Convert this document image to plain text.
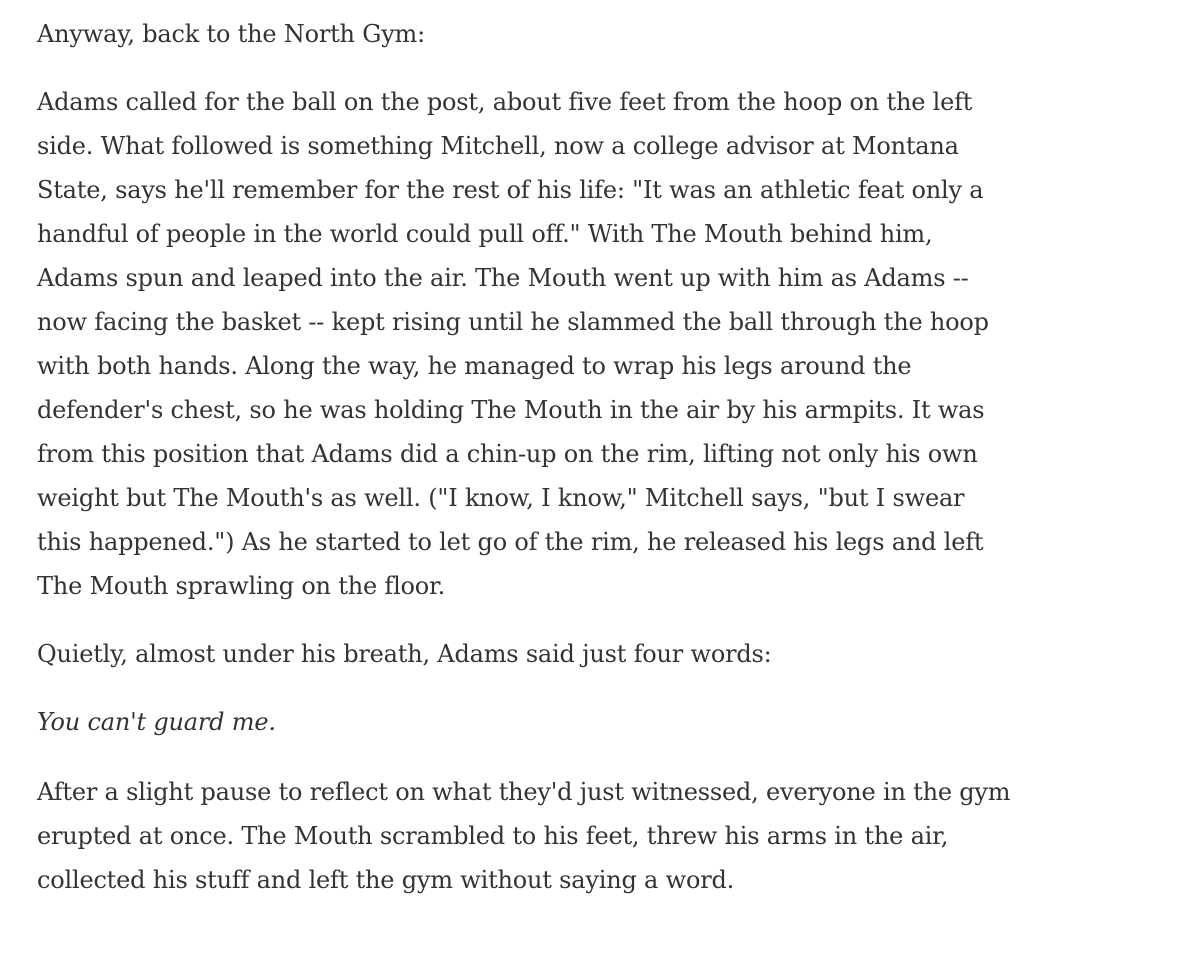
Anyway, back to the North Gym:

Adams called for the ball on the post, about five feet from the hoop on the left
side. What followed is something Mitchell, now a college advisor at Montana
State, says he'll remember for the rest of his life: "It was an athletic feat only a
handful of people in the world could pull off." With The Mouth behind him,
Adams spun and leaped into the air. The Mouth went up with him as Adams --
now facing the basket -- kept rising until he slammed the ball through the hoop
with both hands. Along the way, he managed to wrap his legs around the
defender's chest, so he was holding The Mouth in the air by his armpits. It was
from this position that Adams did a chin-up on the rim, lifting not only his own
weight but The Mouth's as well. ("I know, I know," Mitchell says, "but I swear
this happened.") As he started to let go of the rim, he released his legs and left
The Mouth sprawling on the floor.

Quietly, almost under his breath, Adams said just four words:

You can't guard me.

After a slight pause to reflect on what they'd just witnessed, everyone in the gym
erupted at once. The Mouth scrambled to his feet, threw his arms in the air,
collected his stuff and left the gym without saying a word.
